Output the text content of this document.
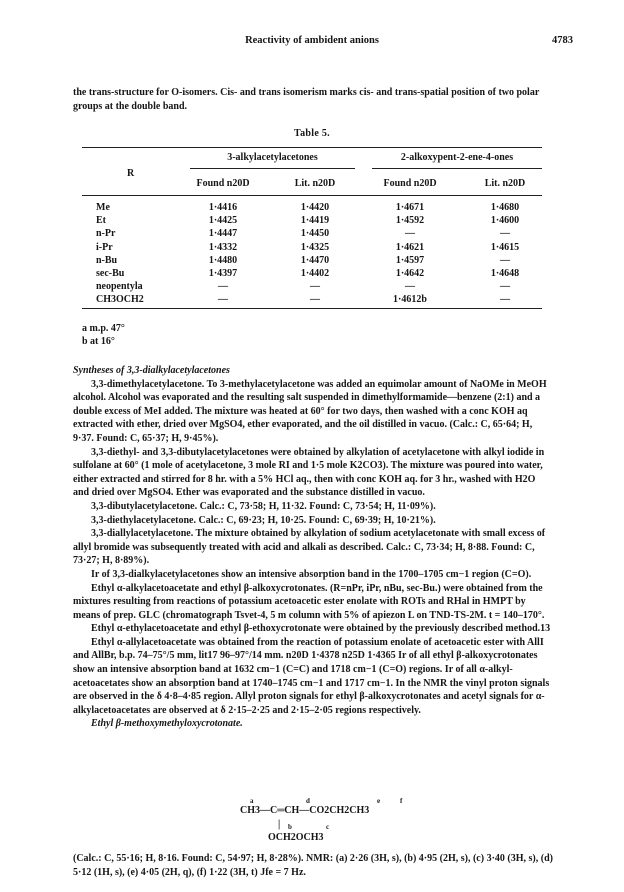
Reactivity of ambident anions	4783
the trans-structure for O-isomers. Cis- and trans isomerism marks cis- and trans-spatial position of two polar groups at the double band.
Table 5.
3-alkylacetylacetones	2-alkoxypent-2-ene-4-ones
R
Found n20D	Lit. n20D	Found n20D	Lit. n20D
Me	1·4416	1·4420	1·4671	1·4680
Et	1·4425	1·4419	1·4592	1·4600
n-Pr	1·4447	1·4450	—	—
i-Pr	1·4332	1·4325	1·4621	1·4615
n-Bu	1·4480	1·4470	1·4597	—
sec-Bu	1·4397	1·4402	1·4642	1·4648
neopentyla	—	—	—	—
CH3OCH2	—	—	1·4612b	—
a m.p. 47°
b at 16°

Syntheses of 3,3-dialkylacetylacetones

3,3-dimethylacetylacetone. To 3-methylacetylacetone was added an equimolar amount of NaOMe in MeOH alcohol. Alcohol was evaporated and the resulting salt suspended in dimethylformamide—benzene (2:1) and a double excess of MeI added. The mixture was heated at 60° for two days, then washed with a conc KOH aq extracted with ether, dried over MgSO4, ether evaporated, and the oil distilled in vacuo. (Calc.: C, 65·64; H, 9·37. Found: C, 65·37; H, 9·45%).

3,3-diethyl- and 3,3-dibutylacetylacetones were obtained by alkylation of acetylacetone with alkyl iodide in sulfolane at 60° (1 mole of acetylacetone, 3 mole RI and 1·5 mole K2CO3). The mixture was poured into water, either extracted and stirred for 8 hr. with a 5% HCl aq., then with conc KOH aq. for 3 hr., washed with H2O and dried over MgSO4. Ether was evaporated and the substance distilled in vacuo.

3,3-dibutylacetylacetone. Calc.: C, 73·58; H, 11·32. Found: C, 73·54; H, 11·09%).

3,3-diethylacetylacetone. Calc.: C, 69·23; H, 10·25. Found: C, 69·39; H, 10·21%).

3,3-diallylacetylacetone. The mixture obtained by alkylation of sodium acetylacetonate with small excess of allyl bromide was subsequently treated with acid and alkali as described. Calc.: C, 73·34; H, 8·88. Found: C, 73·27; H, 8·89%).

Ir of 3,3-dialkylacetylacetones show an intensive absorption band in the 1700–1705 cm−1 region (C=O).

Ethyl α-alkylacetoacetate and ethyl β-alkoxycrotonates. (R=nPr, iPr, nBu, sec-Bu.) were obtained from the mixtures resulting from reactions of potassium acetoacetic ester enolate with ROTs and RHal in HMPT by means of prep. GLC (chromatograph Tsvet-4, 5 m column with 5% of apiezon L on TND-TS-2M. t = 140–170°.

Ethyl α-ethylacetoacetate and ethyl β-ethoxycrotonate were obtained by the previously described method.13

Ethyl α-allylacetoacetate was obtained from the reaction of potassium enolate of acetoacetic ester with AllI and AllBr, b.p. 74–75°/5 mm, lit17 96–97°/14 mm. n20D 1·4378 n25D 1·4365 Ir of all ethyl β-alkoxycrotonates show an intensive absorption band at 1632 cm−1 (C=C) and 1718 cm−1 (C=O) regions. Ir of all α-alkyl-acetoacetates show an absorption band at 1740–1745 cm−1 and 1717 cm−1. In the NMR the vinyl proton signals are observed in the δ 4·8–4·85 region. Allyl proton signals for ethyl β-alkoxycrotonates and acetyl signals for α-alkylacetoacetates are observed at δ 2·15–2·25 and 2·15–2·05 regions respectively.

Ethyl β-methoxymethyloxycrotonate.

a	d	e	f
CH3—C═CH—CO2CH2CH3
| b	c
OCH2OCH3
(Calc.: C, 55·16; H, 8·16. Found: C, 54·97; H, 8·28%). NMR: (a) 2·26 (3H, s), (b) 4·95 (2H, s), (c) 3·40 (3H, s), (d) 5·12 (1H, s), (e) 4·05 (2H, q), (f) 1·22 (3H, t) Jfe = 7 Hz.
